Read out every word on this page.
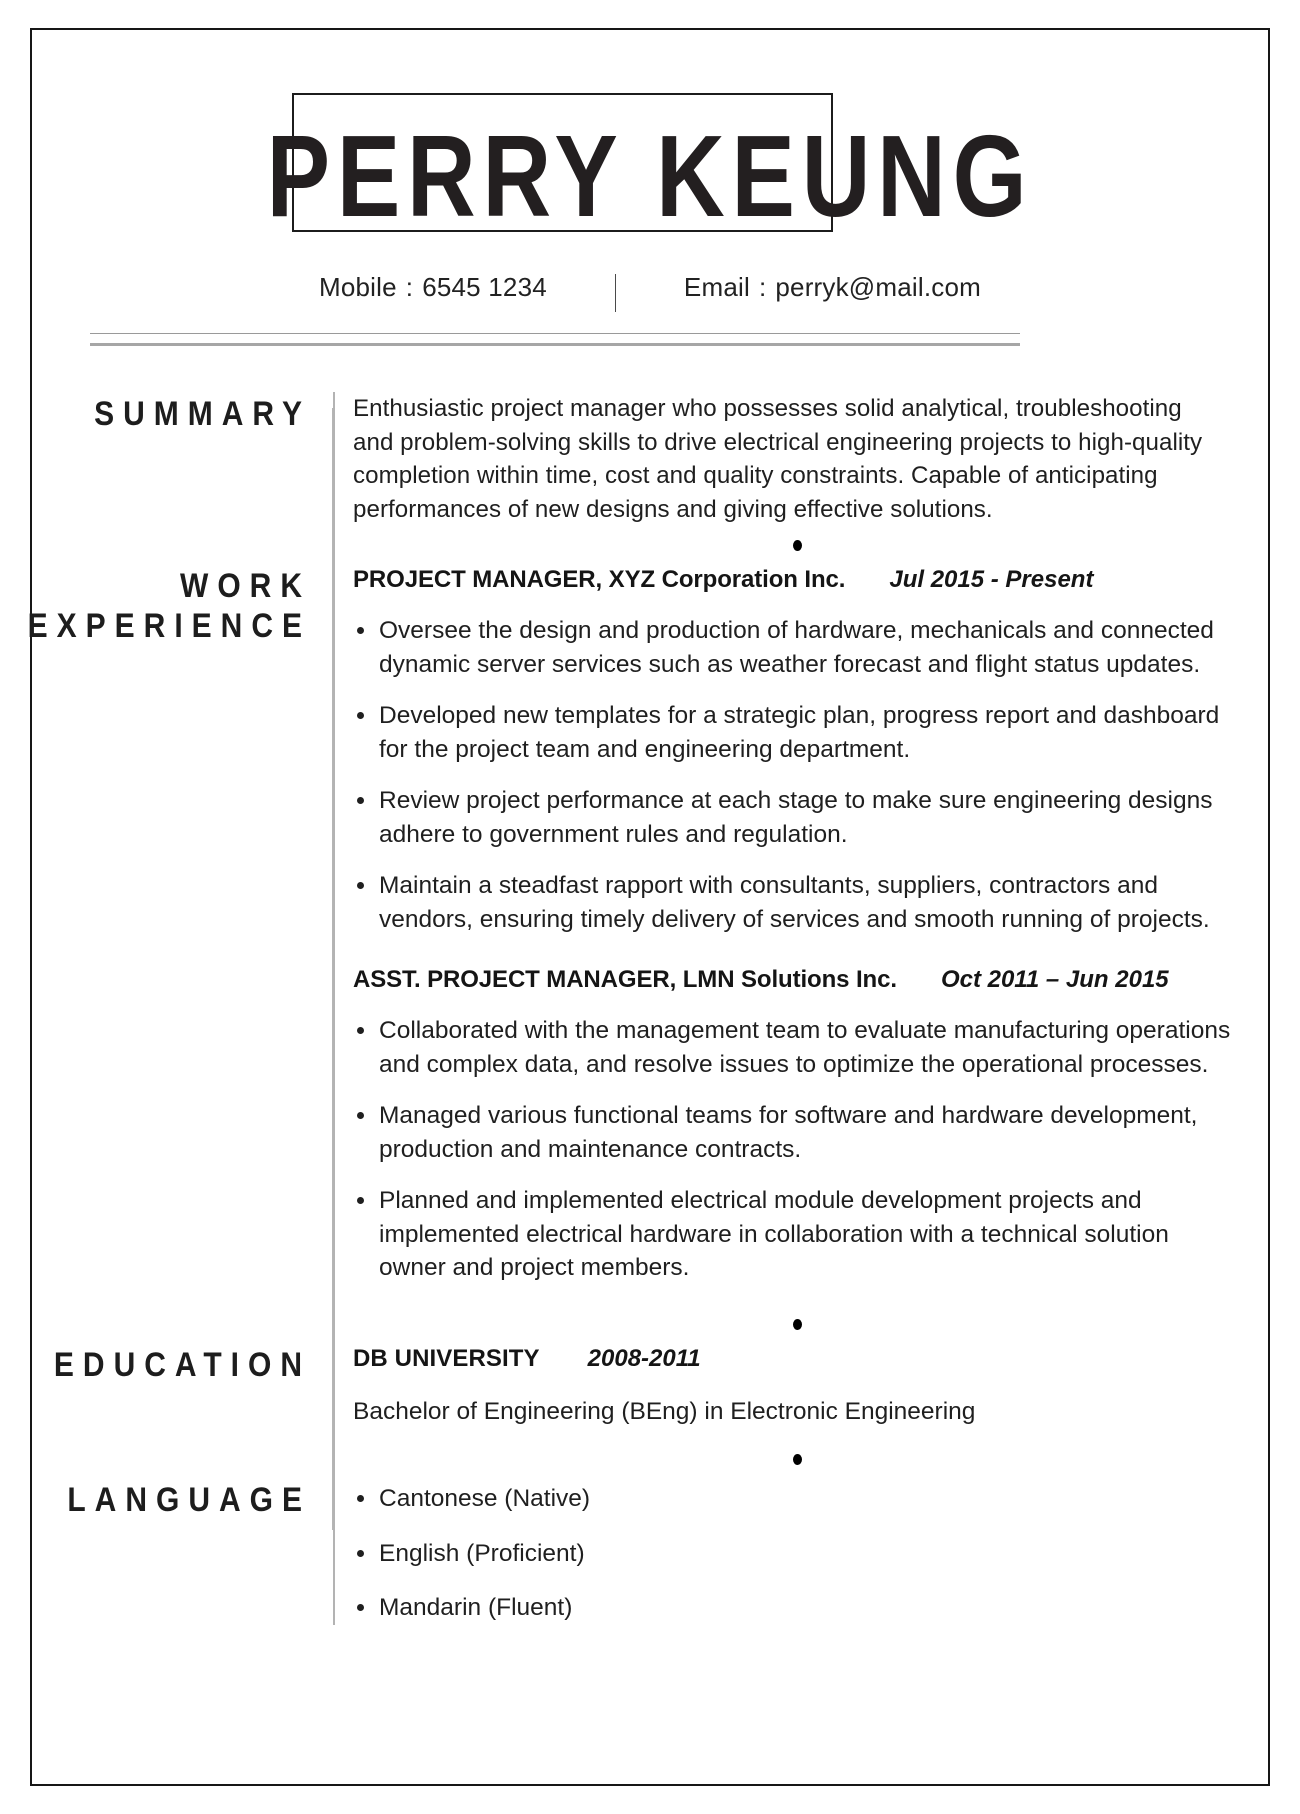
PERRY KEUNG
Mobile : 6545 1234	Email : perryk@mail.com
SUMMARY Enthusiastic project manager who possesses solid analytical, troubleshooting and problem-solving skills to drive electrical engineering projects to high-quality completion within time, cost and quality constraints. Capable of anticipating performances of new designs and giving effective solutions.

WORK
EXPERIENCE
PROJECT MANAGER, XYZ Corporation Inc. Jul 2015 - Present
Oversee the design and production of hardware, mechanicals and connected dynamic server services such as weather forecast and flight status updates.
Developed new templates for a strategic plan, progress report and dashboard for the project team and engineering department.
Review project performance at each stage to make sure engineering designs adhere to government rules and regulation.
Maintain a steadfast rapport with consultants, suppliers, contractors and vendors, ensuring timely delivery of services and smooth running of projects.
ASST. PROJECT MANAGER, LMN Solutions Inc. Oct 2011 – Jun 2015
Collaborated with the management team to evaluate manufacturing operations and complex data, and resolve issues to optimize the operational processes.
Managed various functional teams for software and hardware development, production and maintenance contracts.
Planned and implemented electrical module development projects and implemented electrical hardware in collaboration with a technical solution owner and project members.
EDUCATION DB UNIVERSITY 2008-2011
Bachelor of Engineering (BEng) in Electronic Engineering
LANGUAGE	Cantonese (Native)
English (Proficient)
Mandarin (Fluent)
